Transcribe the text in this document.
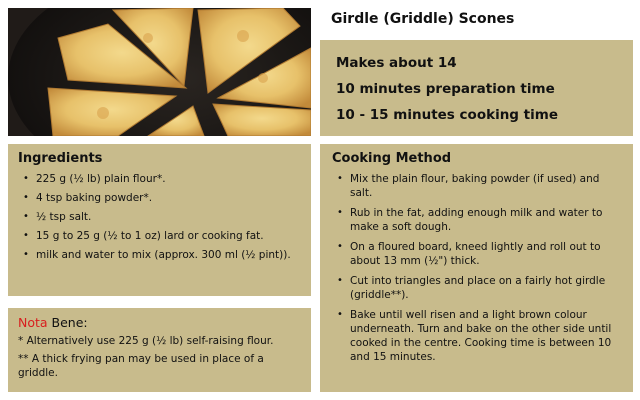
Girdle (Griddle) Scones
Makes about 14
10 minutes preparation time
10 - 15 minutes cooking time
Ingredients
• 225 g (½ lb) plain flour*.
• 4 tsp baking powder*.
• ½ tsp salt.
• 15 g to 25 g (½ to 1 oz) lard or cooking fat.
• milk and water to mix (approx. 300 ml (½ pint)).
Nota Bene:

* Alternatively use 225 g (½ lb) self-raising flour.

** A thick frying pan may be used in place of a griddle.

Cooking Method
• Mix the plain flour, baking powder (if used) and salt.
• Rub in the fat, adding enough milk and water to make a soft dough.
• On a floured board, kneed lightly and roll out to about 13 mm (½") thick.
• Cut into triangles and place on a fairly hot girdle (griddle**).
• Bake until well risen and a light brown colour underneath. Turn and bake on the other side until cooked in the centre. Cooking time is between 10 and 15 minutes.
